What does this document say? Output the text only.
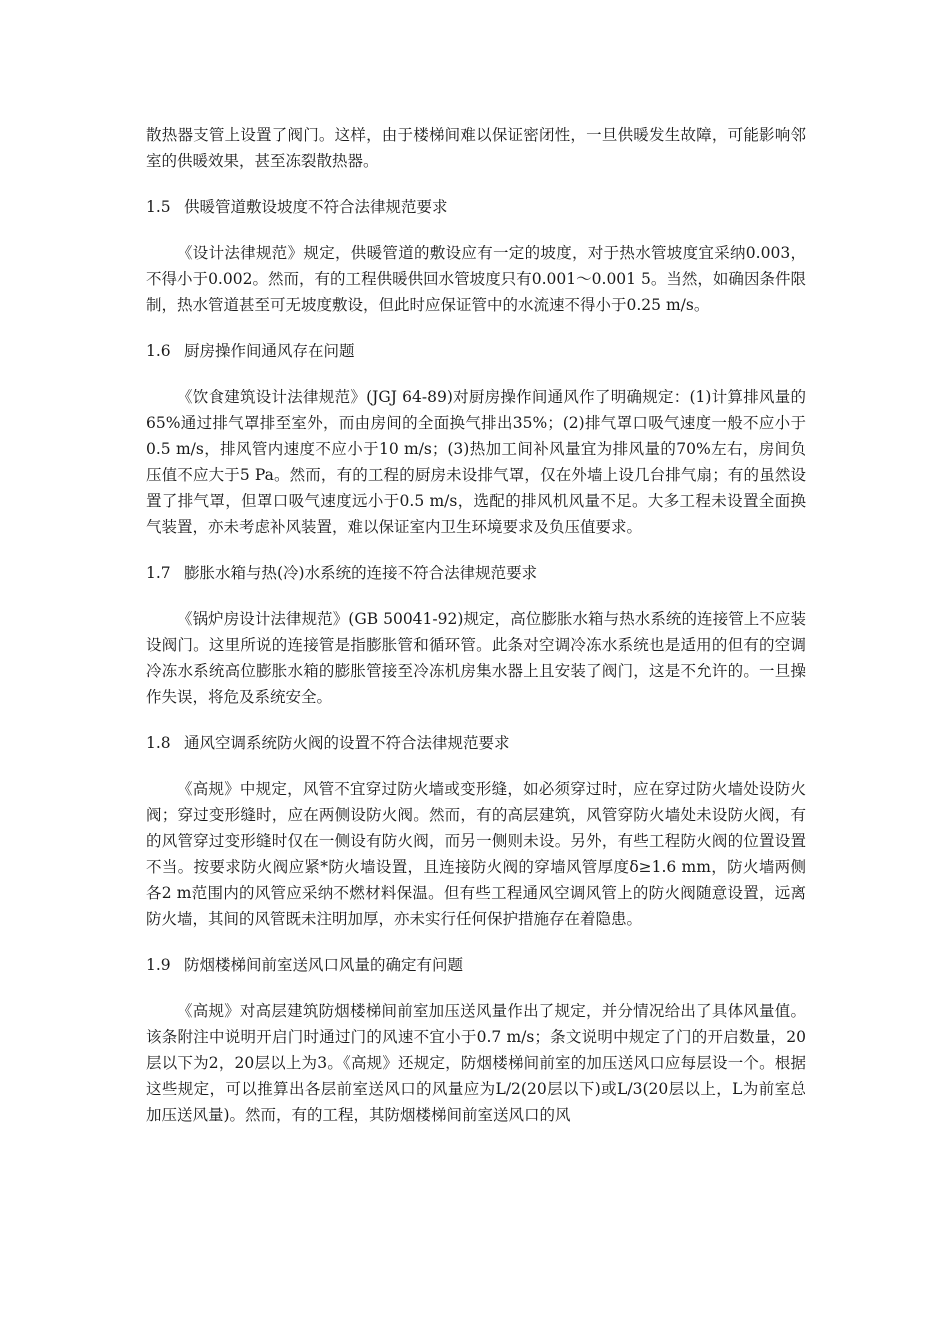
散热器支管上设置了阀门。这样，由于楼梯间难以保证密闭性，一旦供暖发生故障，可能影响邻室的供暖效果，甚至冻裂散热器。

1.5 供暖管道敷设坡度不符合法律规范要求

《设计法律规范》规定，供暖管道的敷设应有一定的坡度，对于热水管坡度宜采纳0.003，不得小于0.002。然而，有的工程供暖供回水管坡度只有0.001～0.001 5。当然，如确因条件限制，热水管道甚至可无坡度敷设，但此时应保证管中的水流速不得小于0.25 m/s。

1.6 厨房操作间通风存在问题

《饮食建筑设计法律规范》(JGJ 64-89)对厨房操作间通风作了明确规定：(1)计算排风量的65%通过排气罩排至室外，而由房间的全面换气排出35%；(2)排气罩口吸气速度一般不应小于0.5 m/s，排风管内速度不应小于10 m/s；(3)热加工间补风量宜为排风量的70%左右，房间负压值不应大于5 Pa。然而，有的工程的厨房未设排气罩，仅在外墙上设几台排气扇；有的虽然设置了排气罩，但罩口吸气速度远小于0.5 m/s，选配的排风机风量不足。大多工程未设置全面换气装置，亦未考虑补风装置，难以保证室内卫生环境要求及负压值要求。

1.7 膨胀水箱与热(冷)水系统的连接不符合法律规范要求

《锅炉房设计法律规范》(GB 50041-92)规定，高位膨胀水箱与热水系统的连接管上不应装设阀门。这里所说的连接管是指膨胀管和循环管。此条对空调冷冻水系统也是适用的但有的空调冷冻水系统高位膨胀水箱的膨胀管接至冷冻机房集水器上且安装了阀门，这是不允许的。一旦操作失误，将危及系统安全。

1.8 通风空调系统防火阀的设置不符合法律规范要求

《高规》中规定，风管不宜穿过防火墙或变形缝，如必须穿过时，应在穿过防火墙处设防火阀；穿过变形缝时，应在两侧设防火阀。然而，有的高层建筑，风管穿防火墙处未设防火阀，有的风管穿过变形缝时仅在一侧设有防火阀，而另一侧则未设。另外，有些工程防火阀的位置设置不当。按要求防火阀应紧*防火墙设置，且连接防火阀的穿墙风管厚度δ≥1.6 mm，防火墙两侧各2 m范围内的风管应采纳不燃材料保温。但有些工程通风空调风管上的防火阀随意设置，远离防火墙，其间的风管既未注明加厚，亦未实行任何保护措施存在着隐患。

1.9 防烟楼梯间前室送风口风量的确定有问题

《高规》对高层建筑防烟楼梯间前室加压送风量作出了规定，并分情况给出了具体风量值。该条附注中说明开启门时通过门的风速不宜小于0.7 m/s；条文说明中规定了门的开启数量，20层以下为2，20层以上为3。《高规》还规定，防烟楼梯间前室的加压送风口应每层设一个。根据这些规定，可以推算出各层前室送风口的风量应为L/2(20层以下)或L/3(20层以上，L为前室总加压送风量)。然而，有的工程，其防烟楼梯间前室送风口的风
